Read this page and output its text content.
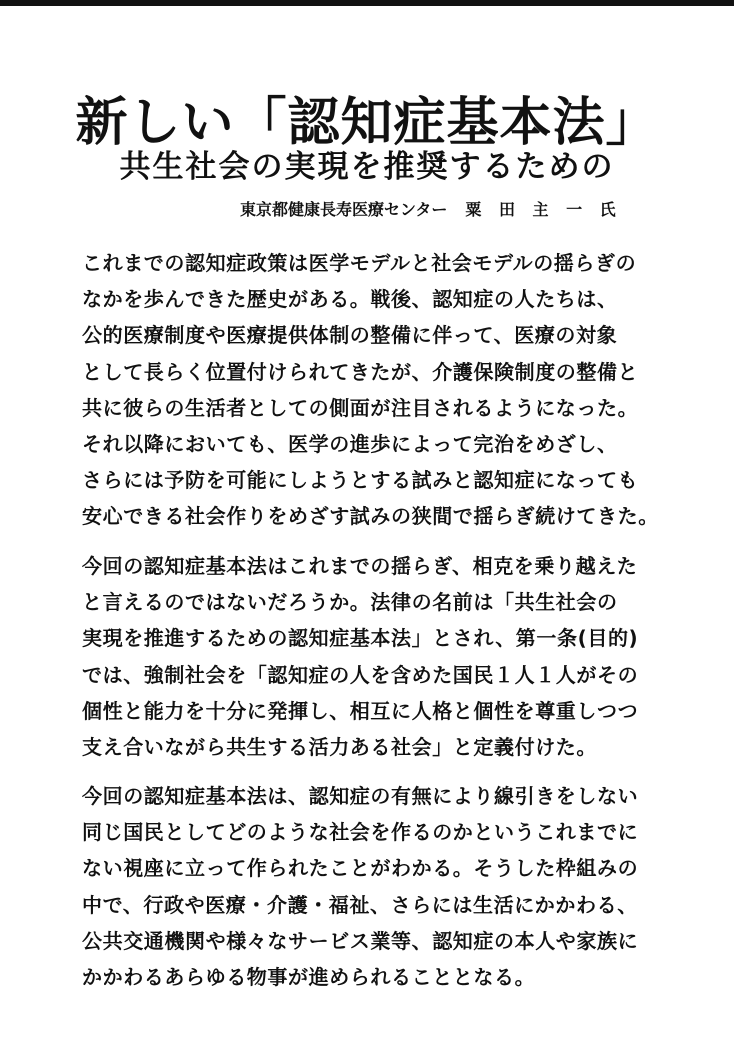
新しい「認知症基本法」
共生社会の実現を推奨するための
東京都健康長寿医療センター 粟 田 主 一 氏
これまでの認知症政策は医学モデルと社会モデルの揺らぎの
なかを歩んできた歴史がある。戦後、認知症の人たちは、
公的医療制度や医療提供体制の整備に伴って、医療の対象
として長らく位置付けられてきたが、介護保険制度の整備と
共に彼らの生活者としての側面が注目されるようになった。
それ以降においても、医学の進歩によって完治をめざし、
さらには予防を可能にしようとする試みと認知症になっても
安心できる社会作りをめざす試みの狭間で揺らぎ続けてきた。
今回の認知症基本法はこれまでの揺らぎ、相克を乗り越えた
と言えるのではないだろうか。法律の名前は「共生社会の
実現を推進するための認知症基本法」とされ、第一条(目的)
では、強制社会を「認知症の人を含めた国民１人１人がその
個性と能力を十分に発揮し、相互に人格と個性を尊重しつつ
支え合いながら共生する活力ある社会」と定義付けた。
今回の認知症基本法は、認知症の有無により線引きをしない
同じ国民としてどのような社会を作るのかというこれまでに
ない視座に立って作られたことがわかる。そうした枠組みの
中で、行政や医療・介護・福祉、さらには生活にかかわる、
公共交通機関や様々なサービス業等、認知症の本人や家族に
かかわるあらゆる物事が進められることとなる。
